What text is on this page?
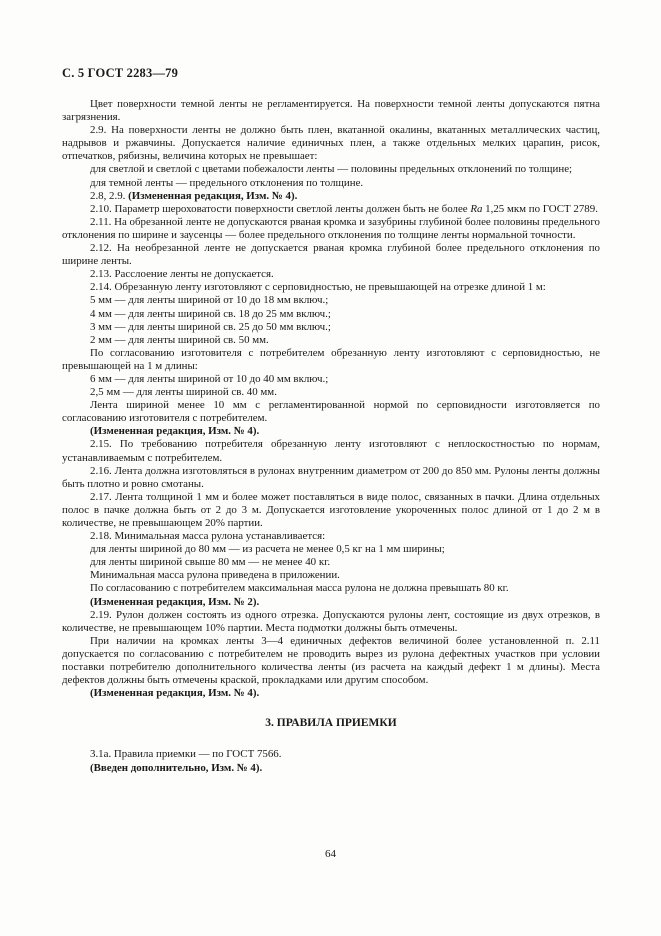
С. 5 ГОСТ 2283—79

Цвет поверхности темной ленты не регламентируется. На поверхности темной ленты допускаются пятна загрязнения.

2.9. На поверхности ленты не должно быть плен, вкатанной окалины, вкатанных металлических частиц, надрывов и ржавчины. Допускается наличие единичных плен, а также отдельных мелких царапин, рисок, отпечатков, рябизны, величина которых не превышает:

для светлой и светлой с цветами побежалости ленты — половины предельных отклонений по толщине;

для темной ленты — предельного отклонения по толщине.

2.8, 2.9. (Измененная редакция, Изм. № 4).

2.10. Параметр шероховатости поверхности светлой ленты должен быть не более Ra 1,25 мкм по ГОСТ 2789.

2.11. На обрезанной ленте не допускаются рваная кромка и зазубрины глубиной более половины предельного отклонения по ширине и заусенцы — более предельного отклонения по толщине ленты нормальной точности.

2.12. На необрезанной ленте не допускается рваная кромка глубиной более предельного отклонения по ширине ленты.

2.13. Расслоение ленты не допускается.

2.14. Обрезанную ленту изготовляют с серповидностью, не превышающей на отрезке длиной 1 м:

5 мм — для ленты шириной от 10 до 18 мм включ.;

4 мм — для ленты шириной св. 18 до 25 мм включ.;

3 мм — для ленты шириной св. 25 до 50 мм включ.;

2 мм — для ленты шириной св. 50 мм.

По согласованию изготовителя с потребителем обрезанную ленту изготовляют с серповидностью, не превышающей на 1 м длины:

6 мм — для ленты шириной от 10 до 40 мм включ.;

2,5 мм — для ленты шириной св. 40 мм.

Лента шириной менее 10 мм с регламентированной нормой по серповидности изготовляется по согласованию изготовителя с потребителем.

(Измененная редакция, Изм. № 4).

2.15. По требованию потребителя обрезанную ленту изготовляют с неплоскостностью по нормам, устанавливаемым с потребителем.

2.16. Лента должна изготовляться в рулонах внутренним диаметром от 200 до 850 мм. Рулоны ленты должны быть плотно и ровно смотаны.

2.17. Лента толщиной 1 мм и более может поставляться в виде полос, связанных в пачки. Длина отдельных полос в пачке должна быть от 2 до 3 м. Допускается изготовление укороченных полос длиной от 1 до 2 м в количестве, не превышающем 20% партии.

2.18. Минимальная масса рулона устанавливается:

для ленты шириной до 80 мм — из расчета не менее 0,5 кг на 1 мм ширины;

для ленты шириной свыше 80 мм — не менее 40 кг.

Минимальная масса рулона приведена в приложении.

По согласованию с потребителем максимальная масса рулона не должна превышать 80 кг.

(Измененная редакция, Изм. № 2).

2.19. Рулон должен состоять из одного отрезка. Допускаются рулоны лент, состоящие из двух отрезков, в количестве, не превышающем 10% партии. Места подмотки должны быть отмечены.

При наличии на кромках ленты 3—4 единичных дефектов величиной более установленной п. 2.11 допускается по согласованию с потребителем не проводить вырез из рулона дефектных участков при условии поставки потребителю дополнительного количества ленты (из расчета на каждый дефект 1 м длины). Места дефектов должны быть отмечены краской, прокладками или другим способом.

(Измененная редакция, Изм. № 4).

3. ПРАВИЛА ПРИЕМКИ

3.1а. Правила приемки — по ГОСТ 7566.

(Введен дополнительно, Изм. № 4).

64
